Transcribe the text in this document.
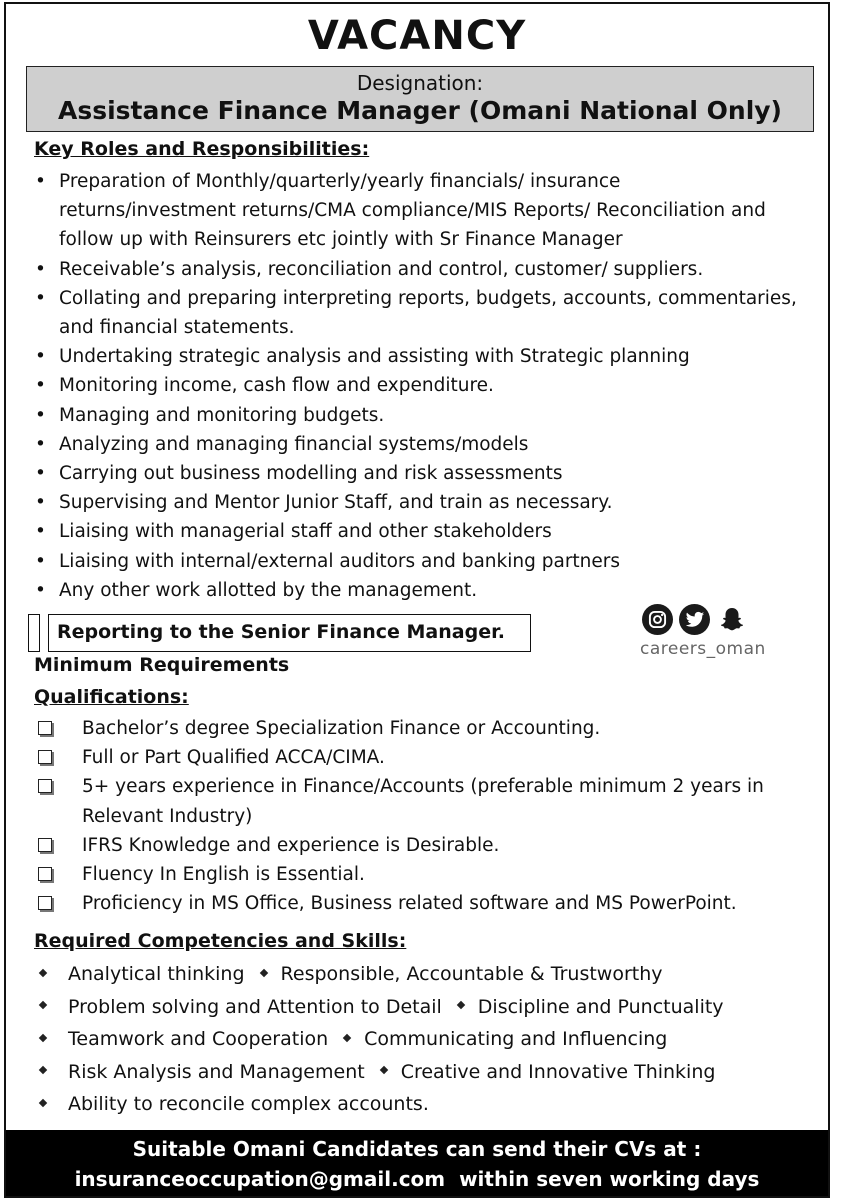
VACANCY
Designation:
Assistance Finance Manager (Omani National Only)
Key Roles and Responsibilities:
• Preparation of Monthly/quarterly/yearly financials/ insurance returns/investment returns/CMA compliance/MIS Reports/ Reconciliation and follow up with Reinsurers etc jointly with Sr Finance Manager
• Receivable’s analysis, reconciliation and control, customer/ suppliers.
• Collating and preparing interpreting reports, budgets, accounts, commentaries, and financial statements.
• Undertaking strategic analysis and assisting with Strategic planning
• Monitoring income, cash flow and expenditure.
• Managing and monitoring budgets.
• Analyzing and managing financial systems/models
• Carrying out business modelling and risk assessments
• Supervising and Mentor Junior Staff, and train as necessary.
• Liaising with managerial staff and other stakeholders
• Liaising with internal/external auditors and banking partners
• Any other work allotted by the management.
Reporting to the Senior Finance Manager.
careers_oman
Minimum Requirements
Qualifications:
Bachelor’s degree Specialization Finance or Accounting.
Full or Part Qualified ACCA/CIMA.
5+ years experience in Finance/Accounts (preferable minimum 2 years in Relevant Industry)
IFRS Knowledge and experience is Desirable.
Fluency In English is Essential.
Proficiency in MS Office, Business related software and MS PowerPoint.
Required Competencies and Skills:
Analytical thinking Responsible, Accountable & Trustworthy
Problem solving and Attention to Detail Discipline and Punctuality
Teamwork and Cooperation Communicating and Influencing
Risk Analysis and Management Creative and Innovative Thinking
Ability to reconcile complex accounts.
Suitable Omani Candidates can send their CVs at :
insuranceoccupation@gmail.com within seven working days
